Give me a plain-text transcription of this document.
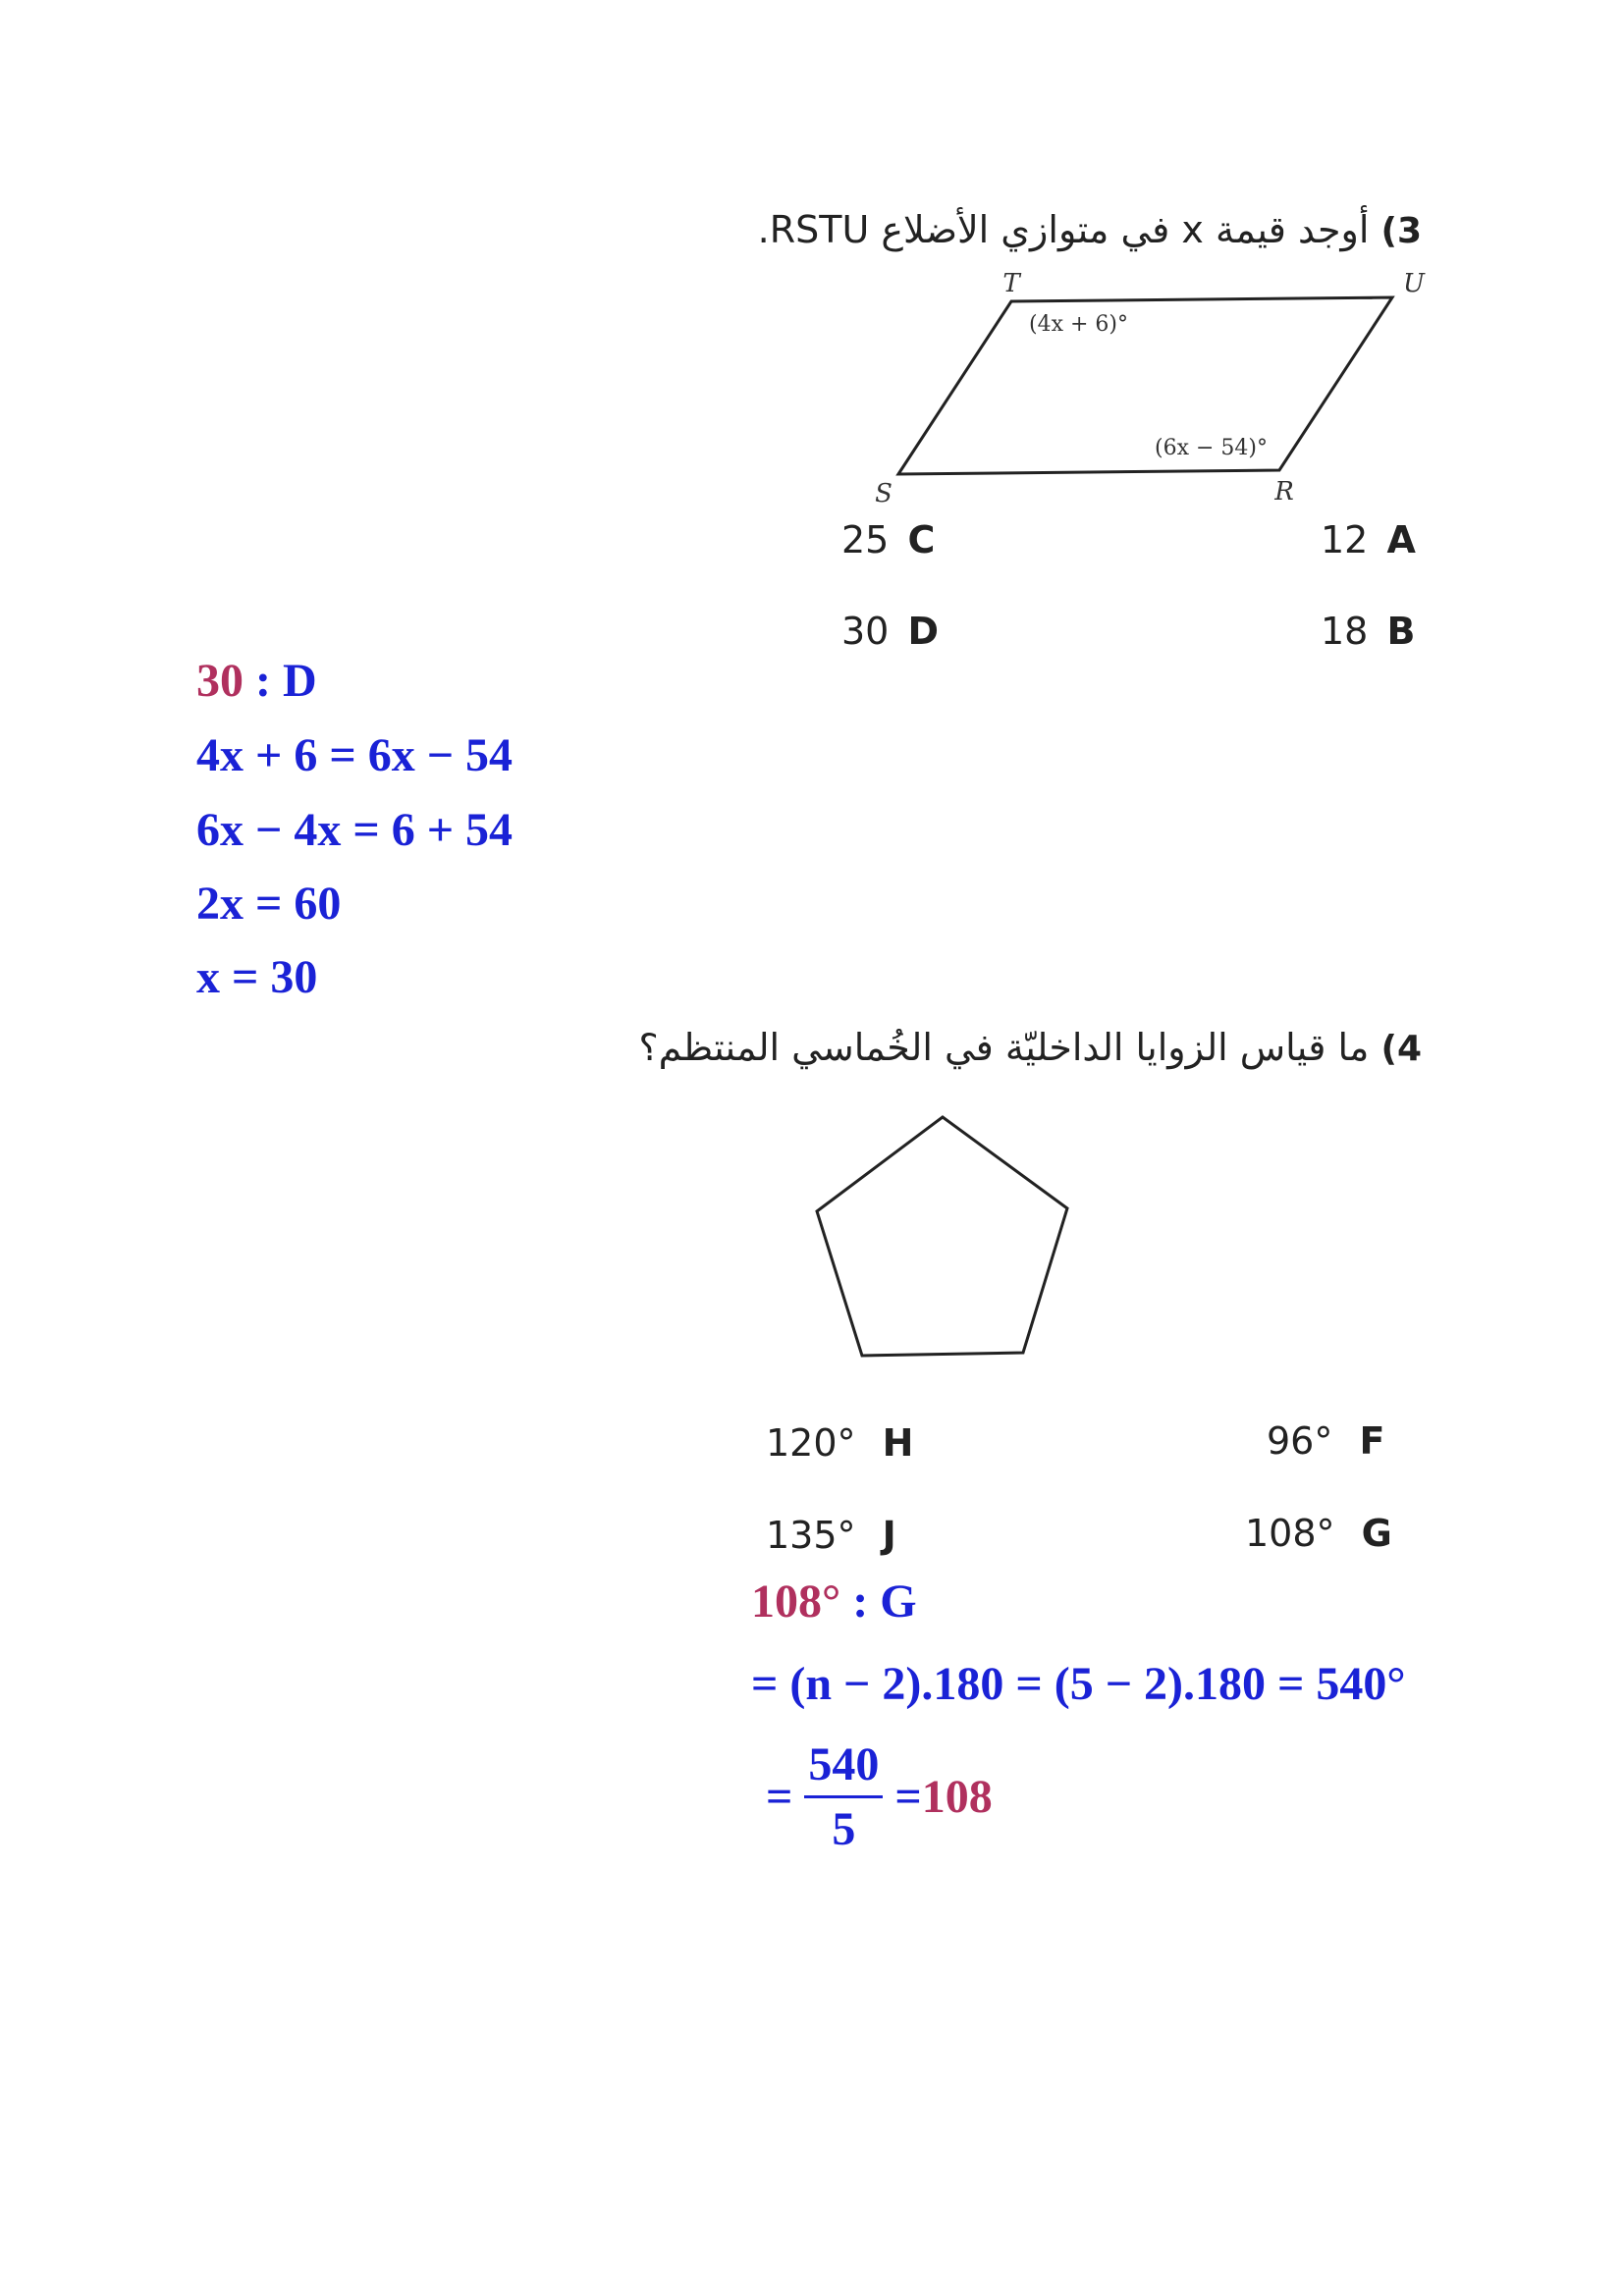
3) أوجد قيمة x في متوازي الأضلاع RSTU.
T	U
S	R
(4x + 6)°
(6x − 54)°
12 A
18 B
25 C
30 D
30 : D
4x + 6 = 6x − 54
6x − 4x = 6 + 54
2x = 60
x = 30
4) ما قياس الزوايا الداخليّة في الخُماسي المنتظم؟
96° F
108° G
120° H
135° J
108° : G
= (n − 2).180 = (5 − 2).180 = 540°
= $\frac{540}{5} =108$
